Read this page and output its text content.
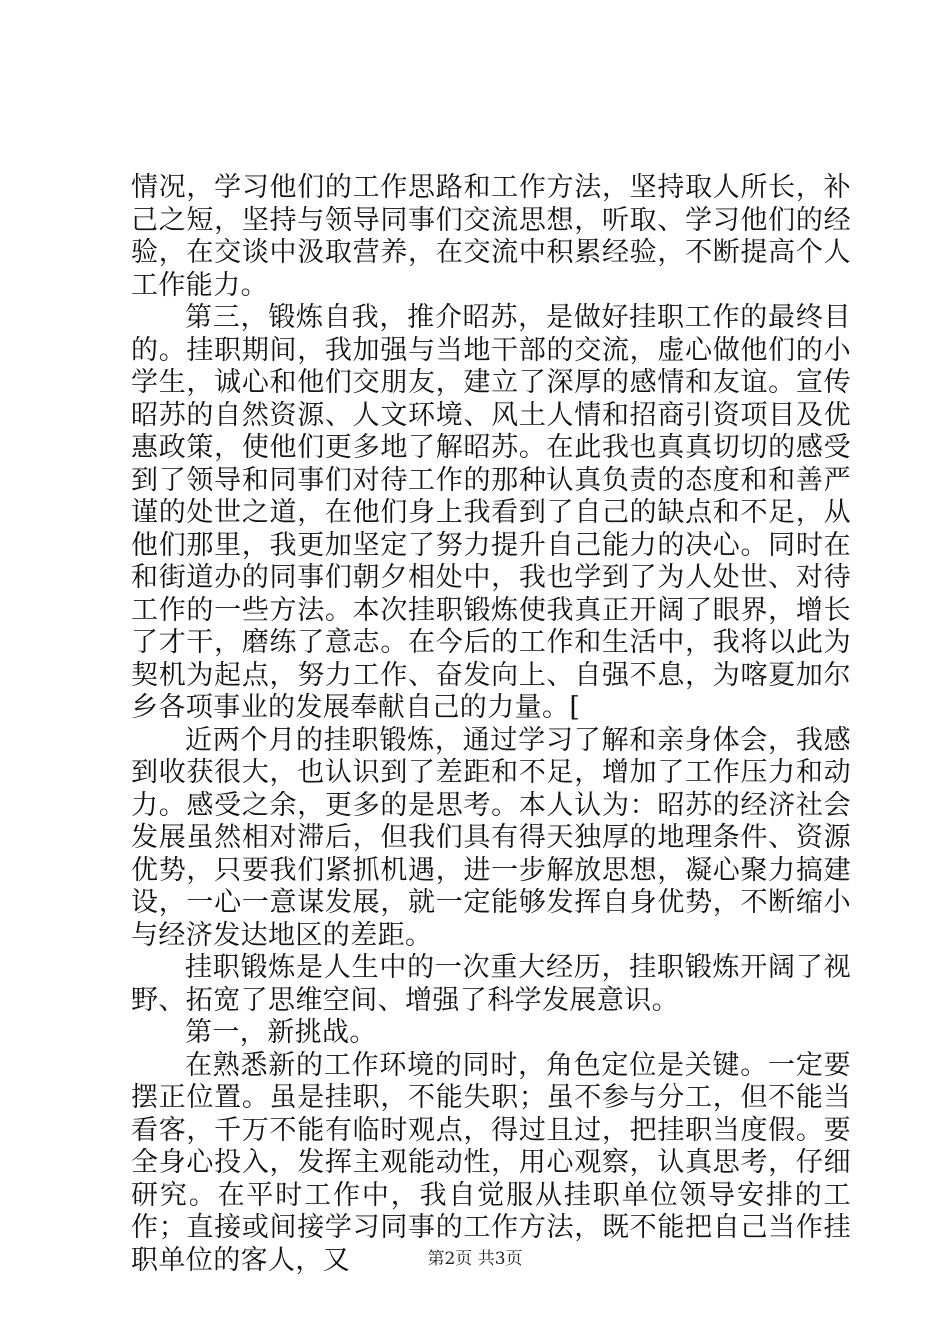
情况，学习他们的工作思路和工作方法，坚持取人所长，补己之短，坚持与领导同事们交流思想，听取、学习他们的经验，在交谈中汲取营养，在交流中积累经验，不断提高个人工作能力。

第三，锻炼自我，推介昭苏，是做好挂职工作的最终目的。挂职期间，我加强与当地干部的交流，虚心做他们的小学生，诚心和他们交朋友，建立了深厚的感情和友谊。宣传昭苏的自然资源、人文环境、风土人情和招商引资项目及优惠政策，使他们更多地了解昭苏。在此我也真真切切的感受到了领导和同事们对待工作的那种认真负责的态度和和善严谨的处世之道，在他们身上我看到了自己的缺点和不足，从他们那里，我更加坚定了努力提升自己能力的决心。同时在和街道办的同事们朝夕相处中，我也学到了为人处世、对待工作的一些方法。本次挂职锻炼使我真正开阔了眼界，增长了才干，磨练了意志。在今后的工作和生活中，我将以此为契机为起点，努力工作、奋发向上、自强不息，为喀夏加尔乡各项事业的发展奉献自己的力量。[

近两个月的挂职锻炼，通过学习了解和亲身体会，我感到收获很大，也认识到了差距和不足，增加了工作压力和动力。感受之余，更多的是思考。本人认为：昭苏的经济社会发展虽然相对滞后，但我们具有得天独厚的地理条件、资源优势，只要我们紧抓机遇，进一步解放思想，凝心聚力搞建设，一心一意谋发展，就一定能够发挥自身优势，不断缩小与经济发达地区的差距。

挂职锻炼是人生中的一次重大经历，挂职锻炼开阔了视野、拓宽了思维空间、增强了科学发展意识。

第一，新挑战。

在熟悉新的工作环境的同时，角色定位是关键。一定要摆正位置。虽是挂职，不能失职；虽不参与分工，但不能当看客，千万不能有临时观点，得过且过，把挂职当度假。要全身心投入，发挥主观能动性，用心观察，认真思考，仔细研究。在平时工作中，我自觉服从挂职单位领导安排的工作；直接或间接学习同事的工作方法，既不能把自己当作挂职单位的客人，又	第2页 共3页
